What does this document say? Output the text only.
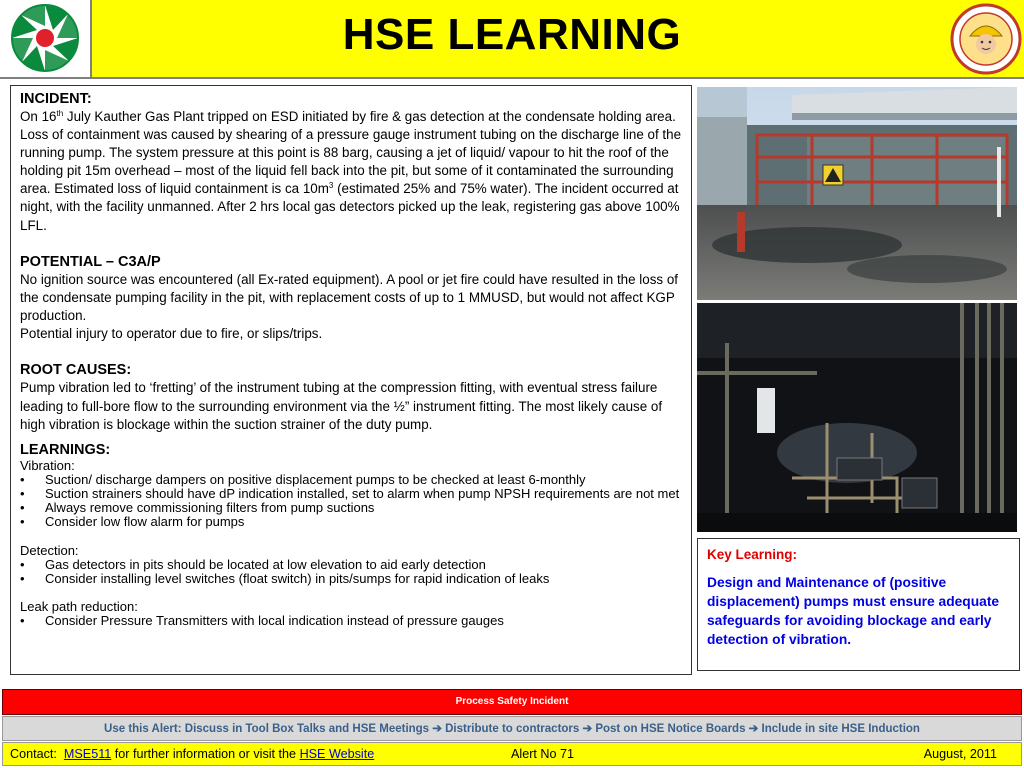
HSE LEARNING
INCIDENT:
On 16th July Kauther Gas Plant tripped on ESD initiated by fire & gas detection at the condensate holding area. Loss of containment was caused by shearing of a pressure gauge instrument tubing on the discharge line of the running pump. The system pressure at this point is 88 barg, causing a jet of liquid/ vapour to hit the roof of the holding pit 15m overhead – most of the liquid fell back into the pit, but some of it contaminated the surrounding area. Estimated loss of liquid containment is ca $10m^3$ (estimated 25% and 75% water). The incident occurred at night, with the facility unmanned. After 2 hrs local gas detectors picked up the leak, registering gas above 100% LFL.
POTENTIAL – C3A/P
No ignition source was encountered (all Ex-rated equipment). A pool or jet fire could have resulted in the loss of the condensate pumping facility in the pit, with replacement costs of up to 1 MMUSD, but would not affect KGP production.
Potential injury to operator due to fire, or slips/trips.
ROOT CAUSES:
Pump vibration led to ‘fretting’ of the instrument tubing at the compression fitting, with eventual stress failure leading to full-bore flow to the surrounding environment via the ½” instrument fitting. The most likely cause of high vibration is blockage within the suction strainer of the duty pump.
LEARNINGS:
Vibration:
• Suction/ discharge dampers on positive displacement pumps to be checked at least 6-monthly
• Suction strainers should have dP indication installed, set to alarm when pump NPSH requirements are not met
• Always remove commissioning filters from pump suctions
• Consider low flow alarm for pumps
Detection:
• Gas detectors in pits should be located at low elevation to aid early detection
• Consider installing level switches (float switch) in pits/sumps for rapid indication of leaks
Leak path reduction:
• Consider Pressure Transmitters with local indication instead of pressure gauges
Key Learning:
Design and Maintenance of (positive displacement) pumps must ensure adequate safeguards for avoiding blockage and early detection of vibration.
Process Safety Incident
Use this Alert: Discuss in Tool Box Talks and HSE Meetings ➔ Distribute to contractors ➔ Post on HSE Notice Boards ➔ Include in site HSE Induction
Contact:  MSE511 for further information or visit the HSE Website	Alert No 71	August, 2011
